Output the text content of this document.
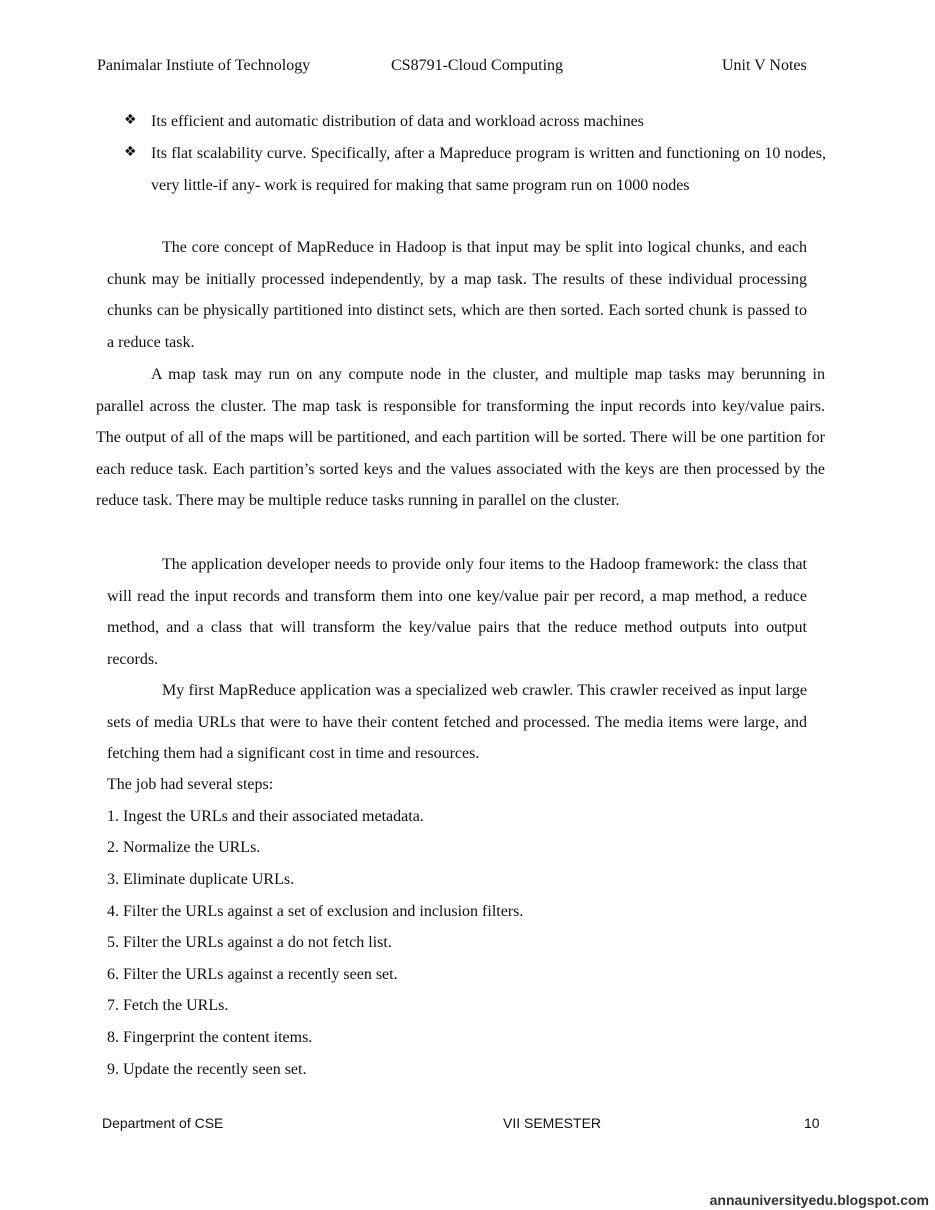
Panimalar Instiute of Technology	CS8791-Cloud Computing	Unit V Notes
❖ Its efficient and automatic distribution of data and workload across machines
❖ Its flat scalability curve. Specifically, after a Mapreduce program is written and functioning on 10 nodes, very little-if any- work is required for making that same program run on 1000 nodes

The core concept of MapReduce in Hadoop is that input may be split into logical chunks, and each chunk may be initially processed independently, by a map task. The results of these individual processing chunks can be physically partitioned into distinct sets, which are then sorted. Each sorted chunk is passed to a reduce task.

A map task may run on any compute node in the cluster, and multiple map tasks may berunning in parallel across the cluster. The map task is responsible for transforming the input records into key/value pairs. The output of all of the maps will be partitioned, and each partition will be sorted. There will be one partition for each reduce task. Each partition’s sorted keys and the values associated with the keys are then processed by the reduce task. There may be multiple reduce tasks running in parallel on the cluster.

The application developer needs to provide only four items to the Hadoop framework: the class that will read the input records and transform them into one key/value pair per record, a map method, a reduce method, and a class that will transform the key/value pairs that the reduce method outputs into output records.

My first MapReduce application was a specialized web crawler. This crawler received as input large sets of media URLs that were to have their content fetched and processed. The media items were large, and fetching them had a significant cost in time and resources.

The job had several steps:
1. Ingest the URLs and their associated metadata.
2. Normalize the URLs.
3. Eliminate duplicate URLs.
4. Filter the URLs against a set of exclusion and inclusion filters.
5. Filter the URLs against a do not fetch list.
6. Filter the URLs against a recently seen set.
7. Fetch the URLs.
8. Fingerprint the content items.
9. Update the recently seen set.
Department of CSE	VII SEMESTER	10
annauniversityedu.blogspot.com
